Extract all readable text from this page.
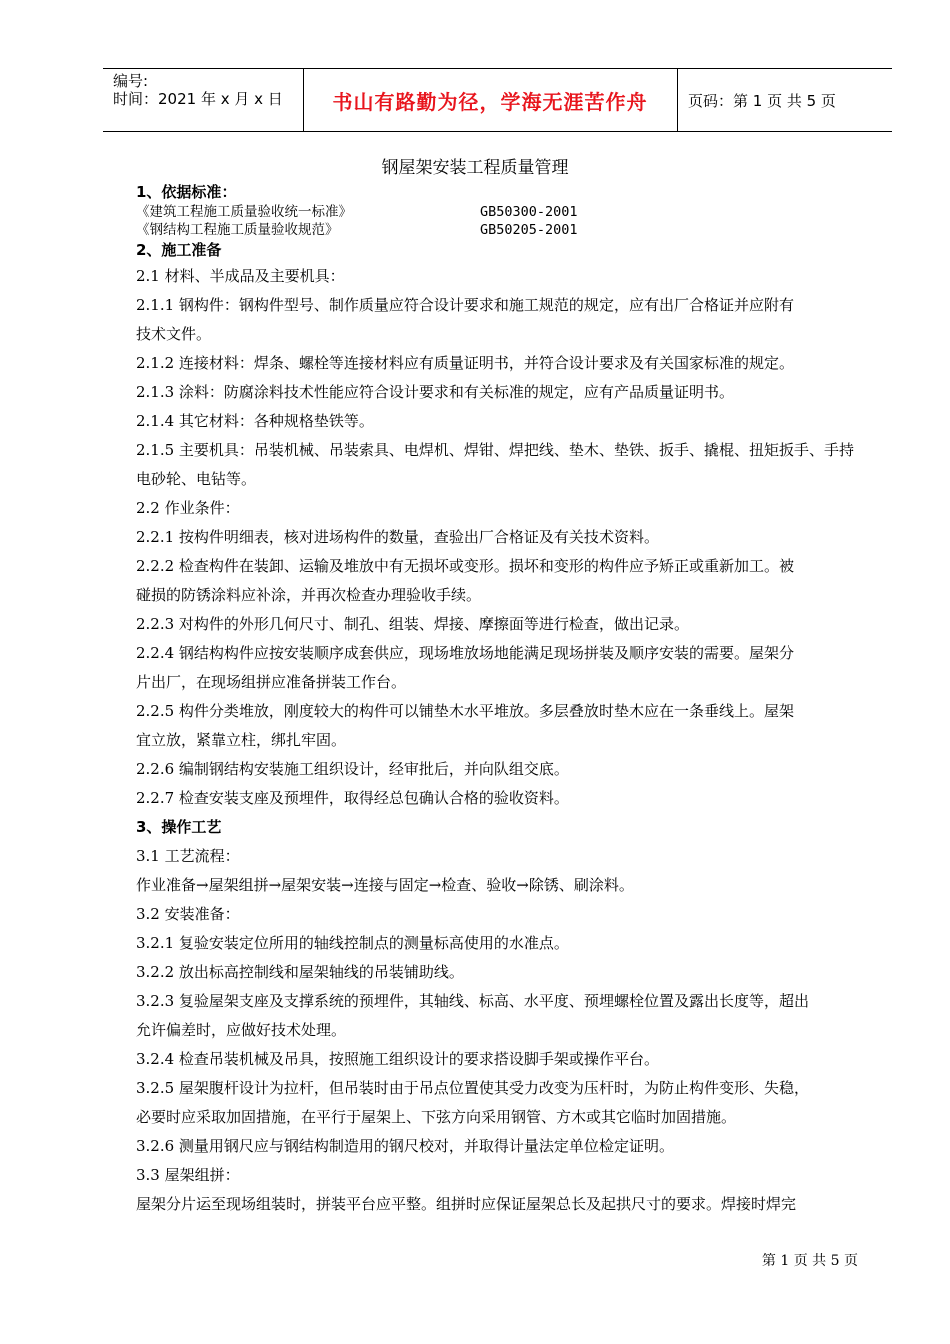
编号:
时间：2021 年 x 月 x 日	书山有路勤为径，学海无涯苦作舟	页码：第 1 页 共 5 页
钢屋架安装工程质量管理
1、依据标准：
《建筑工程施工质量验收统一标准》	GB50300-2001
《钢结构工程施工质量验收规范》	GB50205-2001
2、施工准备
2.1 材料、半成品及主要机具：
2.1.1 钢构件：钢构件型号、制作质量应符合设计要求和施工规范的规定，应有出厂合格证并应附有
技术文件。
2.1.2 连接材料：焊条、螺栓等连接材料应有质量证明书，并符合设计要求及有关国家标准的规定。
2.1.3 涂料：防腐涂料技术性能应符合设计要求和有关标准的规定，应有产品质量证明书。
2.1.4 其它材料：各种规格垫铁等。
2.1.5 主要机具：吊装机械、吊装索具、电焊机、焊钳、焊把线、垫木、垫铁、扳手、撬棍、扭矩扳手、手持
电砂轮、电钻等。
2.2 作业条件：
2.2.1 按构件明细表，核对进场构件的数量，查验出厂合格证及有关技术资料。
2.2.2 检查构件在装卸、运输及堆放中有无损坏或变形。损坏和变形的构件应予矫正或重新加工。被
碰损的防锈涂料应补涂，并再次检查办理验收手续。
2.2.3 对构件的外形几何尺寸、制孔、组装、焊接、摩擦面等进行检查，做出记录。
2.2.4 钢结构构件应按安装顺序成套供应，现场堆放场地能满足现场拼装及顺序安装的需要。屋架分
片出厂，在现场组拼应准备拼装工作台。
2.2.5 构件分类堆放，刚度较大的构件可以铺垫木水平堆放。多层叠放时垫木应在一条垂线上。屋架
宜立放，紧靠立柱，绑扎牢固。
2.2.6 编制钢结构安装施工组织设计，经审批后，并向队组交底。
2.2.7 检查安装支座及预埋件，取得经总包确认合格的验收资料。
3、操作工艺
3.1 工艺流程：
作业准备→屋架组拼→屋架安装→连接与固定→检查、验收→除锈、刷涂料。
3.2 安装准备：
3.2.1 复验安装定位所用的轴线控制点的测量标高使用的水准点。
3.2.2 放出标高控制线和屋架轴线的吊装铺助线。
3.2.3 复验屋架支座及支撑系统的预埋件，其轴线、标高、水平度、预埋螺栓位置及露出长度等，超出
允许偏差时，应做好技术处理。
3.2.4 检查吊装机械及吊具，按照施工组织设计的要求搭设脚手架或操作平台。
3.2.5 屋架腹杆设计为拉杆，但吊装时由于吊点位置使其受力改变为压杆时，为防止构件变形、失稳，
必要时应采取加固措施，在平行于屋架上、下弦方向采用钢管、方木或其它临时加固措施。
3.2.6 测量用钢尺应与钢结构制造用的钢尺校对，并取得计量法定单位检定证明。
3.3 屋架组拼：
屋架分片运至现场组装时，拼装平台应平整。组拼时应保证屋架总长及起拱尺寸的要求。焊接时焊完
第 1 页 共 5 页
